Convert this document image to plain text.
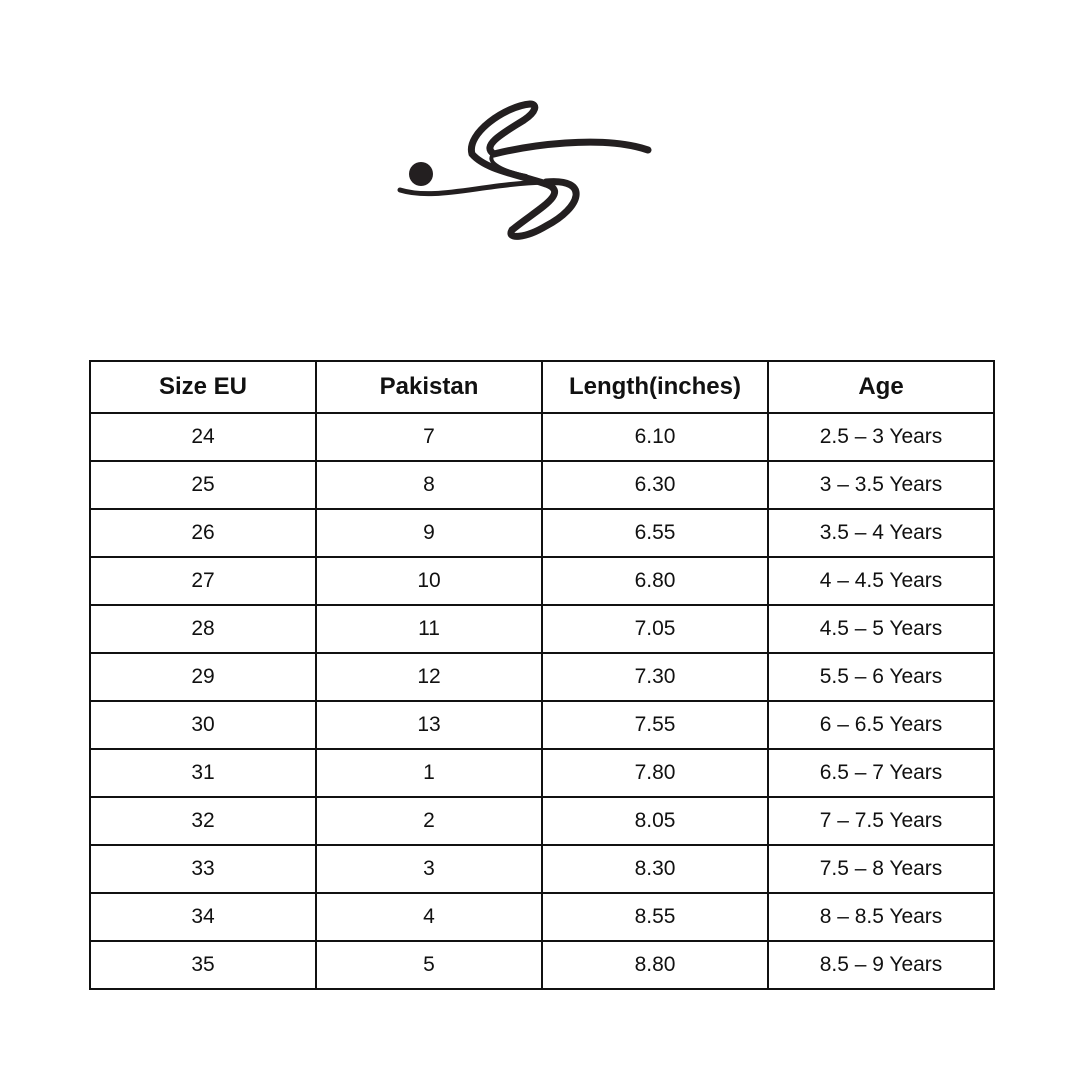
Size EU	Pakistan	Length(inches)	Age
24	7	6.10	2.5 – 3 Years
25	8	6.30	3 – 3.5 Years
26	9	6.55	3.5 – 4 Years
27	10	6.80	4 – 4.5 Years
28	11	7.05	4.5 – 5 Years
29	12	7.30	5.5 – 6 Years
30	13	7.55	6 – 6.5 Years
31	1	7.80	6.5 – 7 Years
32	2	8.05	7 – 7.5 Years
33	3	8.30	7.5 – 8 Years
34	4	8.55	8 – 8.5 Years
35	5	8.80	8.5 – 9 Years
